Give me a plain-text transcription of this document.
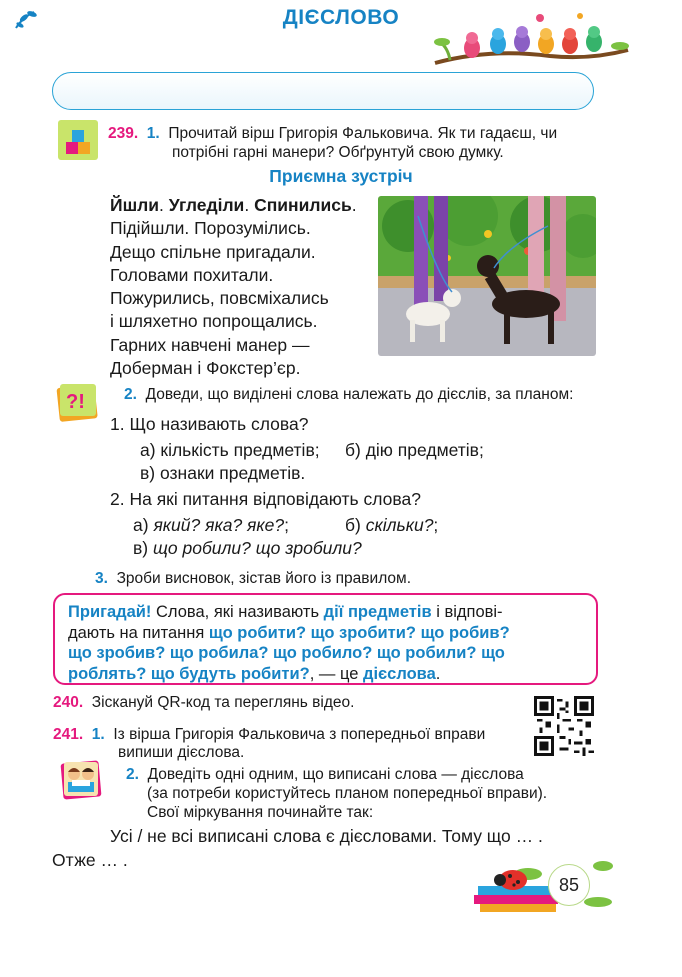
ДІЄСЛОВО
239. 1. Прочитай вірш Григорія Фальковича. Як ти гадаєш, чи
потрібні гарні манери? Обґрунтуй свою думку.
Приємна зустріч
Йшли. Угледіли. Спинились.
Підійшли. Порозумілись.
Дещо спільне пригадали.
Головами похитали.
Пожурились, повсміхались
і шляхетно попрощались.
Гарних навчені манер —
Доберман і Фокстер’єр.
?!	2. Доведи, що виділені слова належать до дієслів, за планом:
1. Що називають слова?
а) кількість предметів; б) дію предметів;
в) ознаки предметів.
2. На які питання відповідають слова?
а) який? яка? яке?;	б) скільки?;
в) що робили? що зробили?
3. Зроби висновок, зістав його із правилом.
Пригадай! Слова, які називають дії предметів і відпові-
дають на питання що робити? що зробити? що робив?
що зробив? що робила? що робило? що робили? що
роблять? що будуть робити?, — це дієслова.
240. Зіскануй QR-код та переглянь відео.
241. 1. Із вірша Григорія Фальковича з попередньої вправи
випиши дієслова.
2. Доведіть одні одним, що виписані слова — дієслова
(за потреби користуйтесь планом попередньої вправи).
Свої міркування починайте так:
Усі / не всі виписані слова є дієсловами. Тому що … .
Отже … .
85
